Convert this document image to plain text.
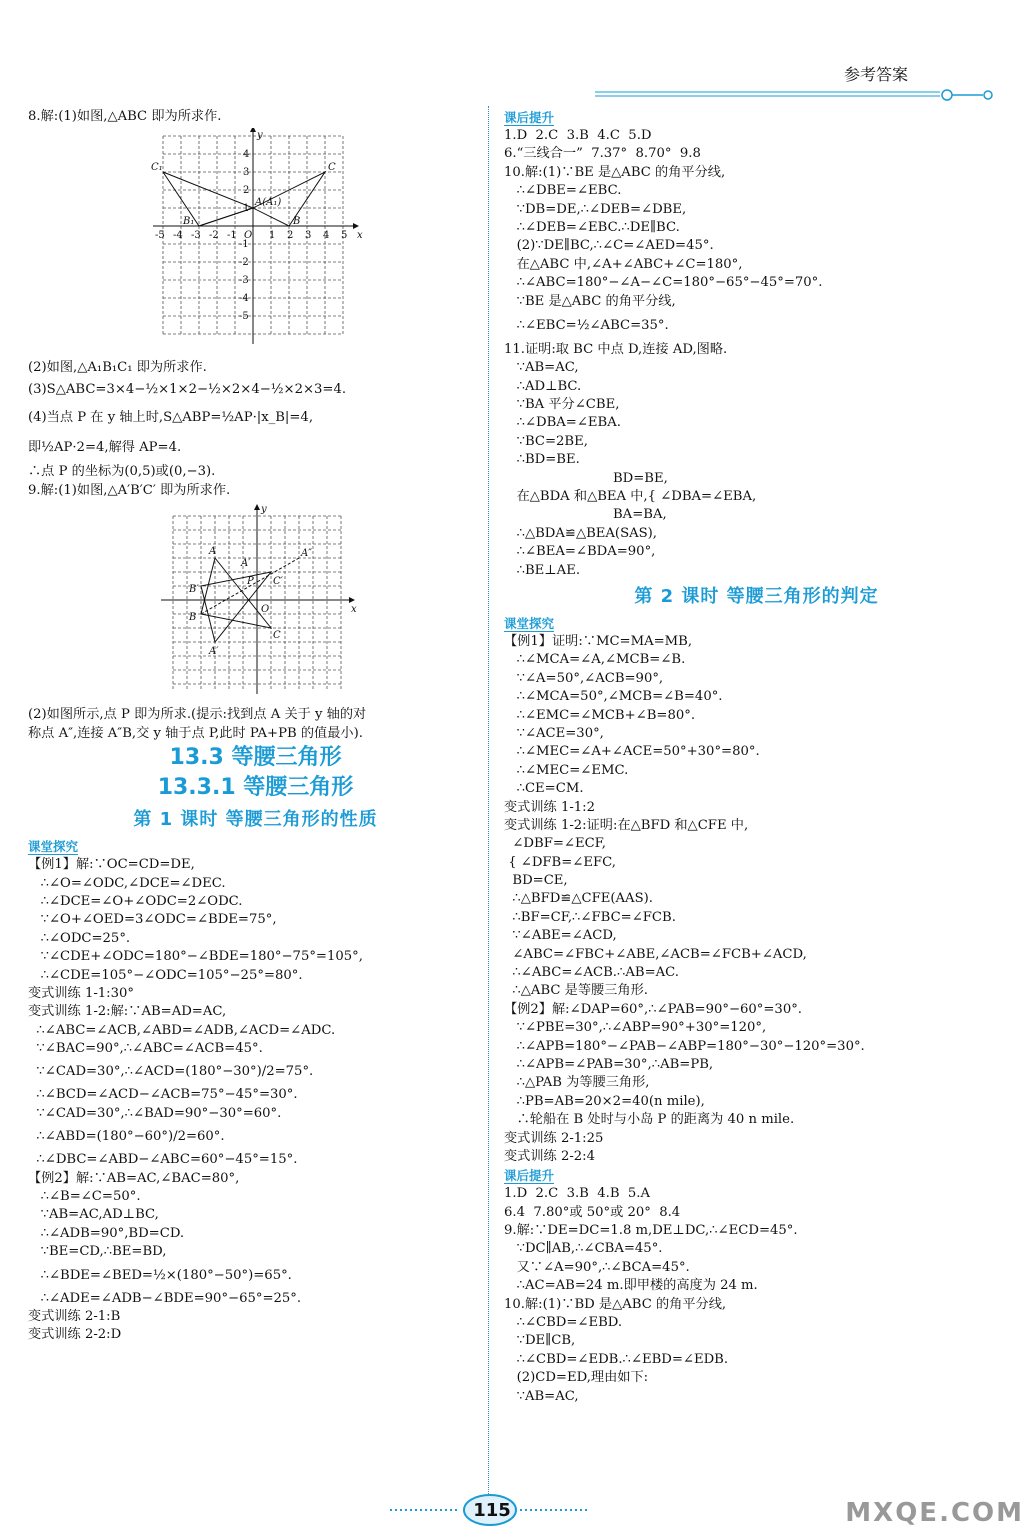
参考答案
8.解:(1)如图,△ABC 即为所求作.
y
x
-5 -4 -3 -2 -1 O 1 2 3 4 5
4
3
2
1
-1
-2
-3
-4
-5
C₁
A(A₁)
C
B₁	B
(2)如图,△A₁B₁C₁ 即为所求作.
(3)S△ABC=3×4−½×1×2−½×2×4−½×2×3=4.
(4)当点 P 在 y 轴上时,S△ABP=½AP·|x_B|=4,
即½AP·2=4,解得 AP=4.
∴点 P 的坐标为(0,5)或(0,−3).
9.解:(1)如图,△A′B′C′ 即为所求作.
y
x
A
A′
A″
P C′
B′
B
O
C
A′
(2)如图所示,点 P 即为所求.(提示:找到点 A 关于 y 轴的对
称点 A″,连接 A″B,交 y 轴于点 P,此时 PA+PB 的值最小).
13.3 等腰三角形
13.3.1 等腰三角形
第 1 课时 等腰三角形的性质
课堂探究
【例1】解:∵OC=CD=DE,
∴∠O=∠ODC,∠DCE=∠DEC.
∴∠DCE=∠O+∠ODC=2∠ODC.
∵∠O+∠OED=3∠ODC=∠BDE=75°,
∴∠ODC=25°.
∵∠CDE+∠ODC=180°−∠BDE=180°−75°=105°,
∴∠CDE=105°−∠ODC=105°−25°=80°.
变式训练 1-1:30°
变式训练 1-2:解:∵AB=AD=AC,
∴∠ABC=∠ACB,∠ABD=∠ADB,∠ACD=∠ADC.
∵∠BAC=90°,∴∠ABC=∠ACB=45°.
∵∠CAD=30°,∴∠ACD=(180°−30°)/2=75°.
∴∠BCD=∠ACD−∠ACB=75°−45°=30°.
∵∠CAD=30°,∴∠BAD=90°−30°=60°.
∴∠ABD=(180°−60°)/2=60°.
∴∠DBC=∠ABD−∠ABC=60°−45°=15°.
【例2】解:∵AB=AC,∠BAC=80°,
∴∠B=∠C=50°.
∵AB=AC,AD⊥BC,
∴∠ADB=90°,BD=CD.
∵BE=CD,∴BE=BD,
∴∠BDE=∠BED=½×(180°−50°)=65°.
∴∠ADE=∠ADB−∠BDE=90°−65°=25°.
变式训练 2-1:B
变式训练 2-2:D
课后提升
1.D  2.C  3.B  4.C  5.D
6.“三线合一”  7.37°  8.70°  9.8
10.解:(1)∵BE 是△ABC 的角平分线,
∴∠DBE=∠EBC.
∵DB=DE,∴∠DEB=∠DBE,
∴∠DEB=∠EBC.∴DE∥BC.
(2)∵DE∥BC,∴∠C=∠AED=45°.
在△ABC 中,∠A+∠ABC+∠C=180°,
∴∠ABC=180°−∠A−∠C=180°−65°−45°=70°.
∵BE 是△ABC 的角平分线,
∴∠EBC=½∠ABC=35°.
11.证明:取 BC 中点 D,连接 AD,图略.
∵AB=AC,
∴AD⊥BC.
∵BA 平分∠CBE,
∴∠DBA=∠EBA.
∵BC=2BE,
∴BD=BE.
BD=BE,
在△BDA 和△BEA 中,{ ∠DBA=∠EBA,
BA=BA,
∴△BDA≌△BEA(SAS),
∴∠BEA=∠BDA=90°,
∴BE⊥AE.
第 2 课时 等腰三角形的判定
课堂探究
【例1】证明:∵MC=MA=MB,
∴∠MCA=∠A,∠MCB=∠B.
∵∠A=50°,∠ACB=90°,
∴∠MCA=50°,∠MCB=∠B=40°.
∴∠EMC=∠MCB+∠B=80°.
∵∠ACE=30°,
∴∠MEC=∠A+∠ACE=50°+30°=80°.
∴∠MEC=∠EMC.
∴CE=CM.
变式训练 1-1:2
变式训练 1-2:证明:在△BFD 和△CFE 中,
∠DBF=∠ECF,
{ ∠DFB=∠EFC,
BD=CE,
∴△BFD≌△CFE(AAS).
∴BF=CF,∴∠FBC=∠FCB.
∵∠ABE=∠ACD,
∠ABC=∠FBC+∠ABE,∠ACB=∠FCB+∠ACD,
∴∠ABC=∠ACB.∴AB=AC.
∴△ABC 是等腰三角形.
【例2】解:∠DAP=60°,∴∠PAB=90°−60°=30°.
∵∠PBE=30°,∴∠ABP=90°+30°=120°,
∴∠APB=180°−∠PAB−∠ABP=180°−30°−120°=30°.
∴∠APB=∠PAB=30°,∴AB=PB,
∴△PAB 为等腰三角形,
∴PB=AB=20×2=40(n mile),
∴轮船在 B 处时与小岛 P 的距离为 40 n mile.
变式训练 2-1:25
变式训练 2-2:4
课后提升
1.D  2.C  3.B  4.B  5.A
6.4  7.80°或 50°或 20°  8.4
9.解:∵DE=DC=1.8 m,DE⊥DC,∴∠ECD=45°.
∵DC∥AB,∴∠CBA=45°.
又∵∠A=90°,∴∠BCA=45°.
∴AC=AB=24 m.即甲楼的高度为 24 m.
10.解:(1)∵BD 是△ABC 的角平分线,
∴∠CBD=∠EBD.
∵DE∥CB,
∴∠CBD=∠EDB.∴∠EBD=∠EDB.
(2)CD=ED,理由如下:
∵AB=AC,
115	MXQE.COM
